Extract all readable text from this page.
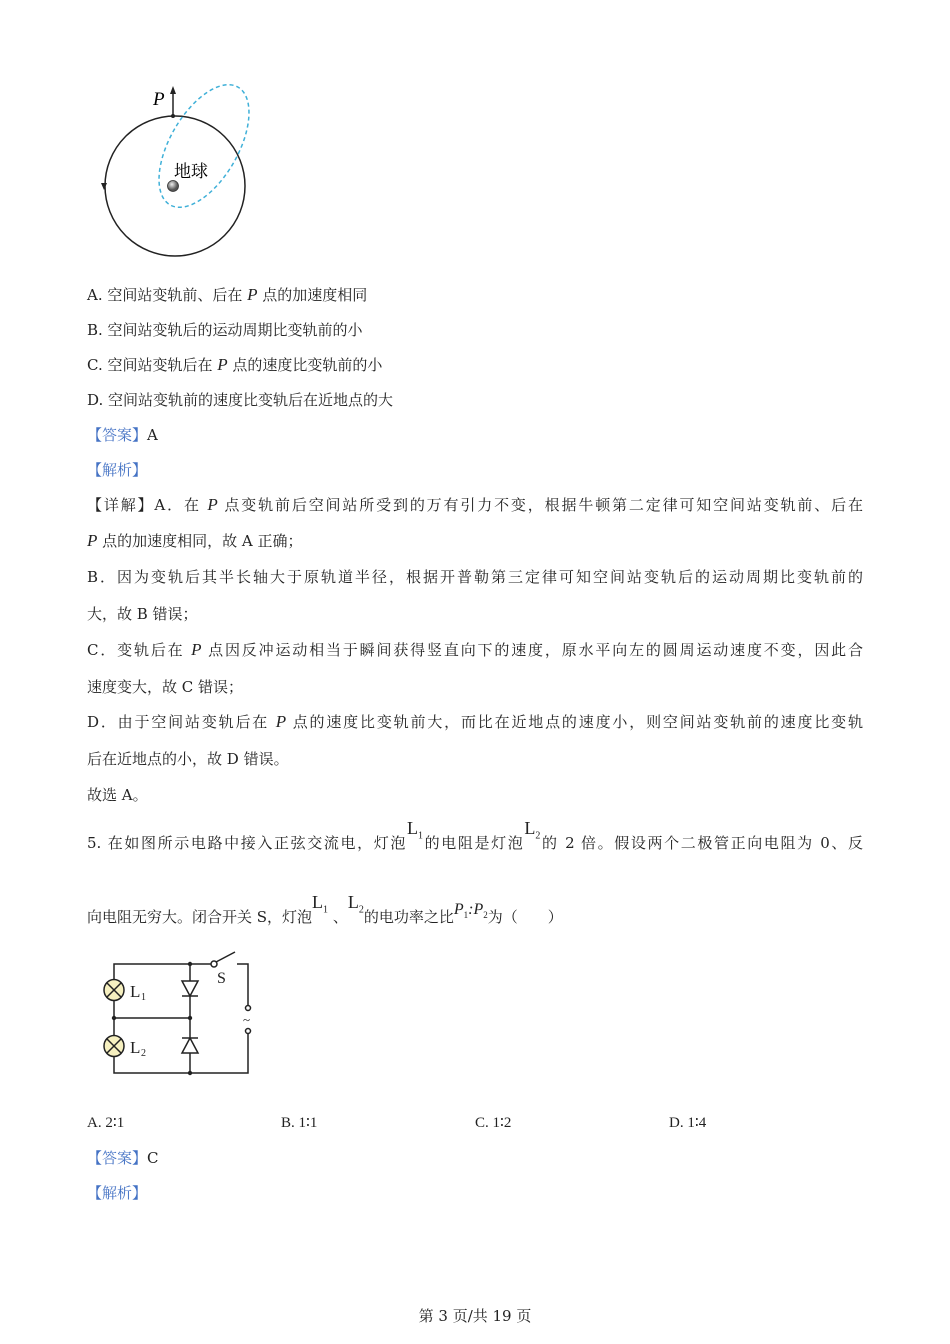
P
地球
S
~
L 1
L 2
A. 空间站变轨前、后在 P 点的加速度相同
B. 空间站变轨后的运动周期比变轨前的小
C. 空间站变轨后在 P 点的速度比变轨前的小
D. 空间站变轨前的速度比变轨后在近地点的大
【答案】A
【解析】
【详解】A．在 P 点变轨前后空间站所受到的万有引力不变，根据牛顿第二定律可知空间站变轨前、后在
P 点的加速度相同，故 A 正确；
B．因为变轨后其半长轴大于原轨道半径，根据开普勒第三定律可知空间站变轨后的运动周期比变轨前的
大，故 B 错误；
C．变轨后在 P 点因反冲运动相当于瞬间获得竖直向下的速度，原水平向左的圆周运动速度不变，因此合
速度变大，故 C 错误；
D．由于空间站变轨后在 P 点的速度比变轨前大，而比在近地点的速度小，则空间站变轨前的速度比变轨
后在近地点的小，故 D 错误。
故选 A。
5. 在如图所示电路中接入正弦交流电，灯泡$L_1$的电阻是灯泡$L_2$的 2 倍。假设两个二极管正向电阻为 0、反
向电阻无穷大。闭合开关 S，灯泡$L_1$ 、$L_2$的电功率之比$P_1:P_2$为（　　）
A. 2∶1	B. 1∶1	C. 1∶2	D. 1∶4
【答案】C
【解析】
第 3 页/共 19 页
